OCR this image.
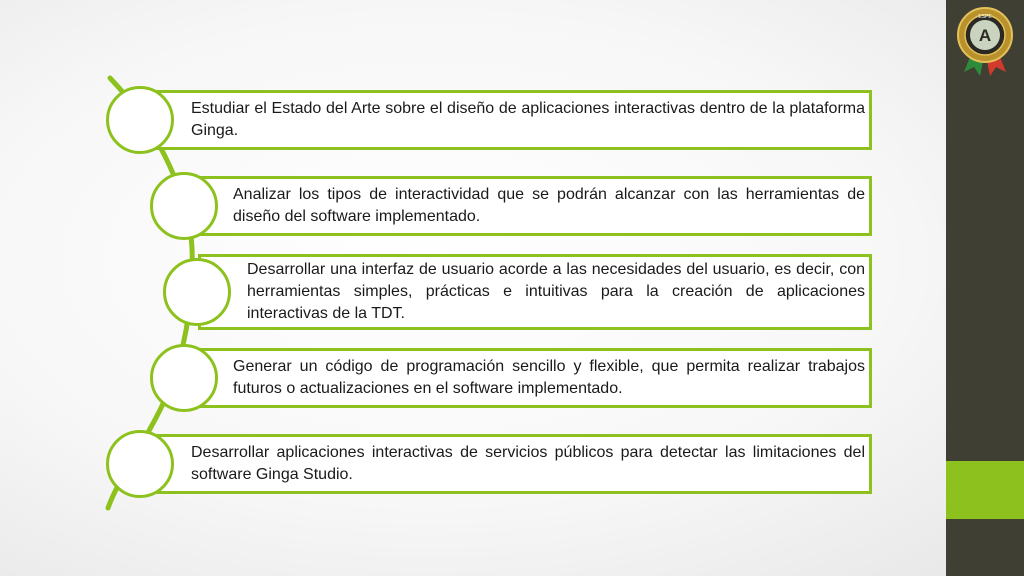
Estudiar el Estado del Arte sobre el diseño de aplicaciones interactivas dentro de la plataforma Ginga.
Analizar los tipos de interactividad que se podrán alcanzar con las herramientas de diseño del software implementado.
Desarrollar una interfaz de usuario acorde a las necesidades del usuario, es decir, con herramientas simples, prácticas e intuitivas para la creación de aplicaciones interactivas de la TDT.
Generar un código de programación sencillo y flexible, que permita realizar trabajos futuros o actualizaciones en el software implementado.
Desarrollar aplicaciones interactivas de servicios públicos para detectar las limitaciones del software Ginga Studio.
ESPE
A
